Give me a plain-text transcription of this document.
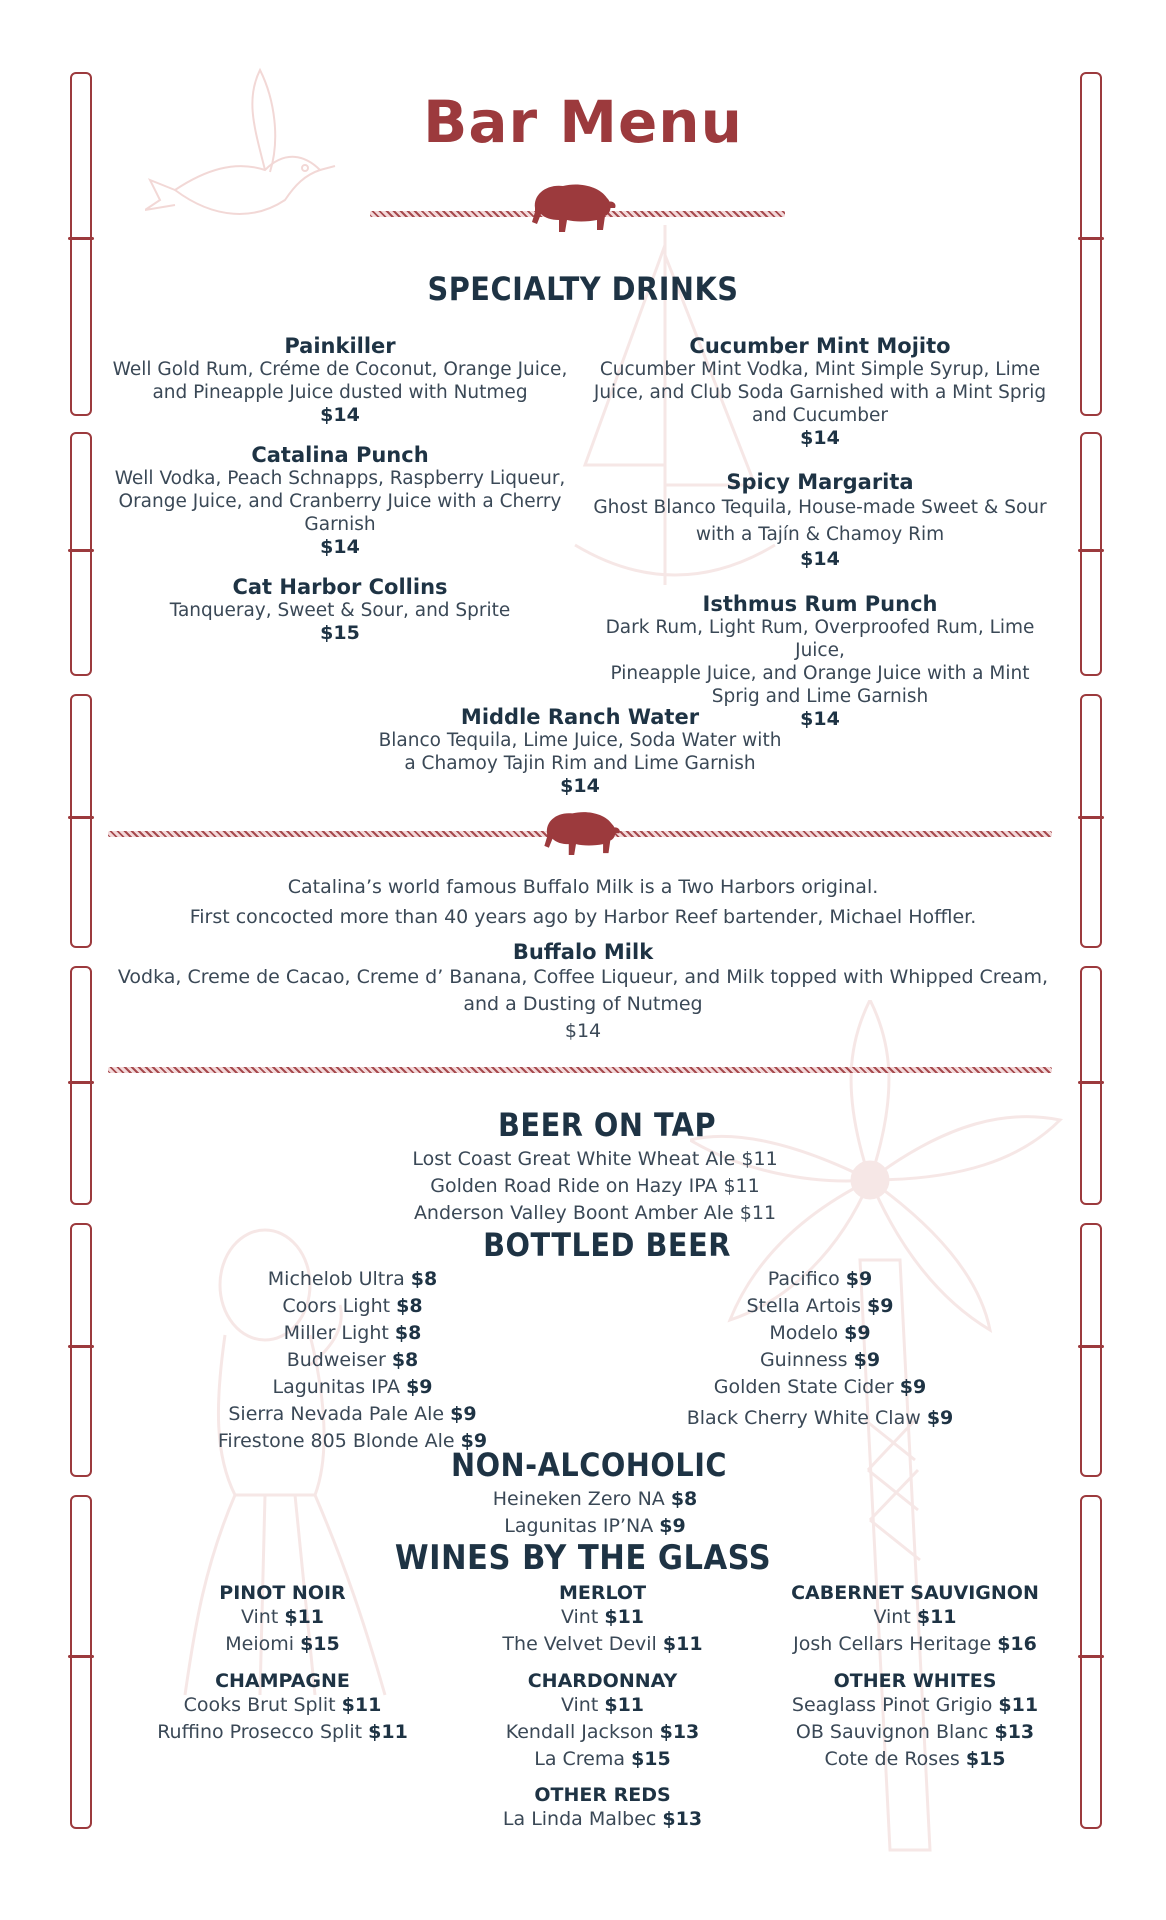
Bar Menu
SPECIALTY DRINKS
Painkiller
Well Gold Rum, Créme de Coconut, Orange Juice,
and Pineapple Juice dusted with Nutmeg
$14
Catalina Punch
Well Vodka, Peach Schnapps, Raspberry Liqueur,
Orange Juice, and Cranberry Juice with a Cherry
Garnish
$14
Cat Harbor Collins
Tanqueray, Sweet & Sour, and Sprite
$15
Cucumber Mint Mojito
Cucumber Mint Vodka, Mint Simple Syrup, Lime
Juice, and Club Soda Garnished with a Mint Sprig
and Cucumber
$14
Spicy Margarita
Ghost Blanco Tequila, House-made Sweet & Sour
with a Tajín & Chamoy Rim
$14
Isthmus Rum Punch
Dark Rum, Light Rum, Overproofed Rum, Lime Juice,
Pineapple Juice, and Orange Juice with a Mint
Sprig and Lime Garnish
$14
Middle Ranch Water
Blanco Tequila, Lime Juice, Soda Water with
a Chamoy Tajin Rim and Lime Garnish
$14
Catalina’s world famous Buffalo Milk is a Two Harbors original.
First concocted more than 40 years ago by Harbor Reef bartender, Michael Hoffler.
Buffalo Milk
Vodka, Creme de Cacao, Creme d’ Banana, Coffee Liqueur, and Milk topped with Whipped Cream,
and a Dusting of Nutmeg
$14
BEER ON TAP
Lost Coast Great White Wheat Ale $11
Golden Road Ride on Hazy IPA $11
Anderson Valley Boont Amber Ale $11
BOTTLED BEER
Michelob Ultra $8
Coors Light $8
Miller Light $8
Budweiser $8
Lagunitas IPA $9
Sierra Nevada Pale Ale $9
Firestone 805 Blonde Ale $9
Pacifico $9
Stella Artois $9
Modelo $9
Guinness $9
Golden State Cider $9
Black Cherry White Claw $9
NON-ALCOHOLIC
Heineken Zero NA $8
Lagunitas IP’NA $9
WINES BY THE GLASS
PINOT NOIR
Vint $11
Meiomi $15
MERLOT
Vint $11
The Velvet Devil $11
CABERNET SAUVIGNON
Vint $11
Josh Cellars Heritage $16
CHAMPAGNE
Cooks Brut Split $11
Ruffino Prosecco Split $11
CHARDONNAY
Vint $11
Kendall Jackson $13
La Crema $15
OTHER WHITES
Seaglass Pinot Grigio $11
OB Sauvignon Blanc $13
Cote de Roses $15
OTHER REDS
La Linda Malbec $13
